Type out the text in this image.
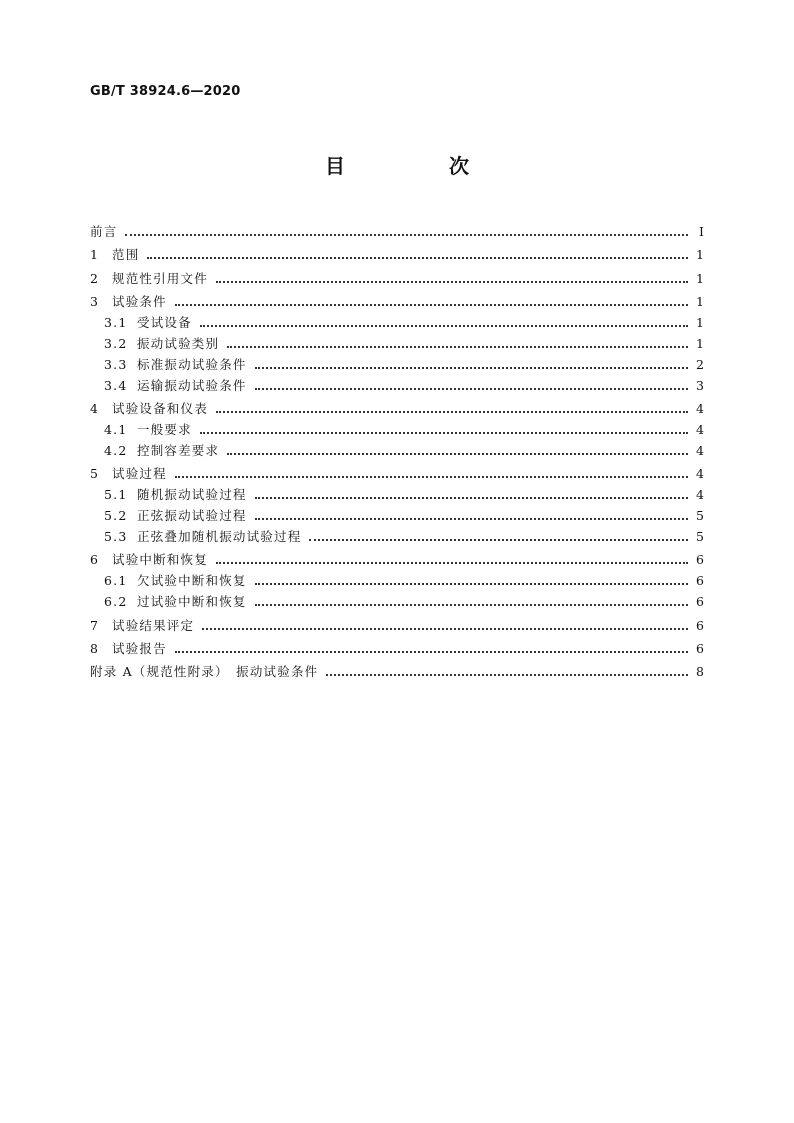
GB/T 38924.6—2020
目　次
前言	Ⅰ
1	范围	1
2	规范性引用文件	1
3	试验条件	1
3.1 受试设备	1
3.2 振动试验类别	1
3.3 标准振动试验条件	2
3.4 运输振动试验条件	3
4	试验设备和仪表	4
4.1 一般要求	4
4.2 控制容差要求	4
5	试验过程	4
5.1 随机振动试验过程	4
5.2 正弦振动试验过程	5
5.3 正弦叠加随机振动试验过程	5
6	试验中断和恢复	6
6.1 欠试验中断和恢复	6
6.2 过试验中断和恢复	6
7	试验结果评定	6
8	试验报告	6
附录 A（规范性附录）　振动试验条件	8
